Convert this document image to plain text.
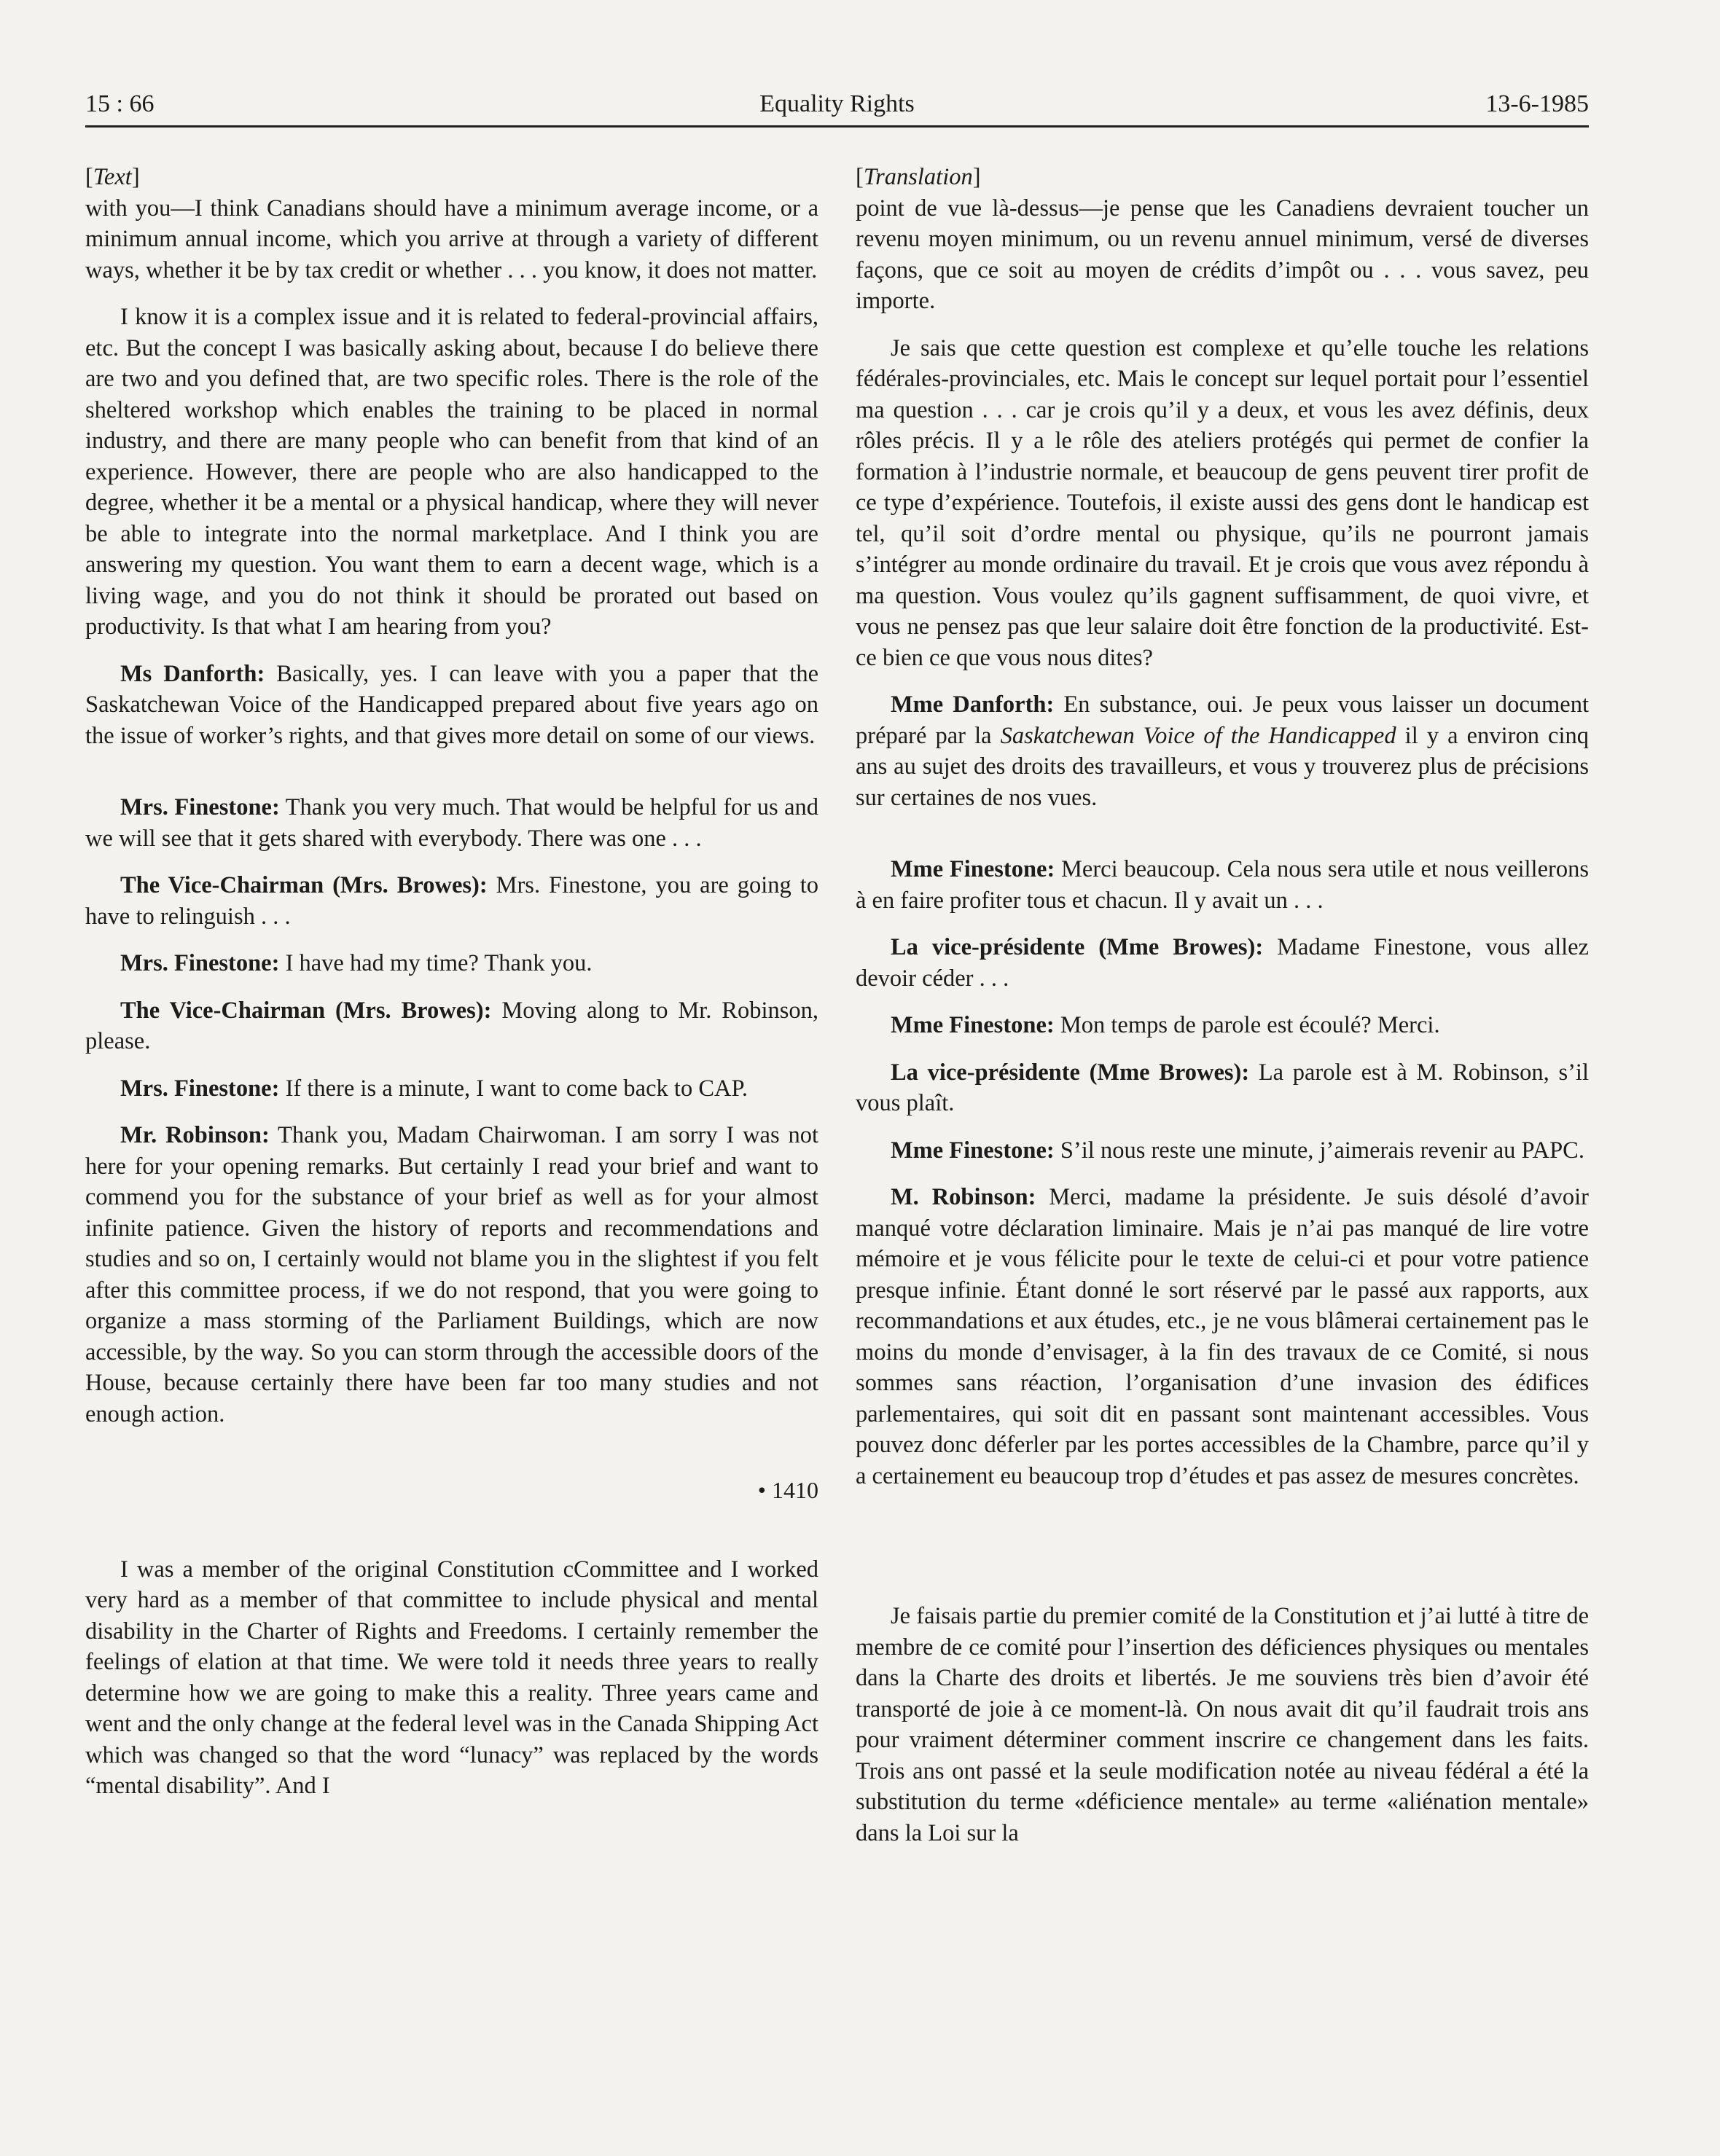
15 : 66	Equality Rights	13-6-1985

[Text]

with you—I think Canadians should have a minimum average income, or a minimum annual income, which you arrive at through a variety of different ways, whether it be by tax credit or whether . . . you know, it does not matter.

I know it is a complex issue and it is related to federal-provincial affairs, etc. But the concept I was basically asking about, because I do believe there are two and you defined that, are two specific roles. There is the role of the sheltered workshop which enables the training to be placed in normal industry, and there are many people who can benefit from that kind of an experience. However, there are people who are also handicapped to the degree, whether it be a mental or a physical handicap, where they will never be able to integrate into the normal marketplace. And I think you are answering my question. You want them to earn a decent wage, which is a living wage, and you do not think it should be prorated out based on productivity. Is that what I am hearing from you?

Ms Danforth: Basically, yes. I can leave with you a paper that the Saskatchewan Voice of the Handicapped prepared about five years ago on the issue of worker’s rights, and that gives more detail on some of our views.

Mrs. Finestone: Thank you very much. That would be helpful for us and we will see that it gets shared with everybody. There was one . . .

The Vice-Chairman (Mrs. Browes): Mrs. Finestone, you are going to have to relinguish . . .

Mrs. Finestone: I have had my time? Thank you.

The Vice-Chairman (Mrs. Browes): Moving along to Mr. Robinson, please.

Mrs. Finestone: If there is a minute, I want to come back to CAP.

Mr. Robinson: Thank you, Madam Chairwoman. I am sorry I was not here for your opening remarks. But certainly I read your brief and want to commend you for the substance of your brief as well as for your almost infinite patience. Given the history of reports and recommendations and studies and so on, I certainly would not blame you in the slightest if you felt after this committee process, if we do not respond, that you were going to organize a mass storming of the Parliament Buildings, which are now accessible, by the way. So you can storm through the accessible doors of the House, because certainly there have been far too many studies and not enough action.

• 1410

I was a member of the original Constitution cCommittee and I worked very hard as a member of that committee to include physical and mental disability in the Charter of Rights and Freedoms. I certainly remember the feelings of elation at that time. We were told it needs three years to really determine how we are going to make this a reality. Three years came and went and the only change at the federal level was in the Canada Shipping Act which was changed so that the word “lunacy” was replaced by the words “mental disability”. And I

[Translation]

point de vue là-dessus—je pense que les Canadiens devraient toucher un revenu moyen minimum, ou un revenu annuel minimum, versé de diverses façons, que ce soit au moyen de crédits d’impôt ou . . . vous savez, peu importe.

Je sais que cette question est complexe et qu’elle touche les relations fédérales-provinciales, etc. Mais le concept sur lequel portait pour l’essentiel ma question . . . car je crois qu’il y a deux, et vous les avez définis, deux rôles précis. Il y a le rôle des ateliers protégés qui permet de confier la formation à l’industrie normale, et beaucoup de gens peuvent tirer profit de ce type d’expérience. Toutefois, il existe aussi des gens dont le handicap est tel, qu’il soit d’ordre mental ou physique, qu’ils ne pourront jamais s’intégrer au monde ordinaire du travail. Et je crois que vous avez répondu à ma question. Vous voulez qu’ils gagnent suffisamment, de quoi vivre, et vous ne pensez pas que leur salaire doit être fonction de la productivité. Est-ce bien ce que vous nous dites?

Mme Danforth: En substance, oui. Je peux vous laisser un document préparé par la Saskatchewan Voice of the Handicapped il y a environ cinq ans au sujet des droits des travailleurs, et vous y trouverez plus de précisions sur certaines de nos vues.

Mme Finestone: Merci beaucoup. Cela nous sera utile et nous veillerons à en faire profiter tous et chacun. Il y avait un . . .

La vice-présidente (Mme Browes): Madame Finestone, vous allez devoir céder . . .

Mme Finestone: Mon temps de parole est écoulé? Merci.

La vice-présidente (Mme Browes): La parole est à M. Robinson, s’il vous plaît.

Mme Finestone: S’il nous reste une minute, j’aimerais revenir au PAPC.

M. Robinson: Merci, madame la présidente. Je suis désolé d’avoir manqué votre déclaration liminaire. Mais je n’ai pas manqué de lire votre mémoire et je vous félicite pour le texte de celui-ci et pour votre patience presque infinie. Étant donné le sort réservé par le passé aux rapports, aux recommandations et aux études, etc., je ne vous blâmerai certainement pas le moins du monde d’envisager, à la fin des travaux de ce Comité, si nous sommes sans réaction, l’organisation d’une invasion des édifices parlementaires, qui soit dit en passant sont maintenant accessibles. Vous pouvez donc déferler par les portes accessibles de la Chambre, parce qu’il y a certainement eu beaucoup trop d’études et pas assez de mesures concrètes.

Je faisais partie du premier comité de la Constitution et j’ai lutté à titre de membre de ce comité pour l’insertion des déficiences physiques ou mentales dans la Charte des droits et libertés. Je me souviens très bien d’avoir été transporté de joie à ce moment-là. On nous avait dit qu’il faudrait trois ans pour vraiment déterminer comment inscrire ce changement dans les faits. Trois ans ont passé et la seule modification notée au niveau fédéral a été la substitution du terme «déficience mentale» au terme «aliénation mentale» dans la Loi sur la
